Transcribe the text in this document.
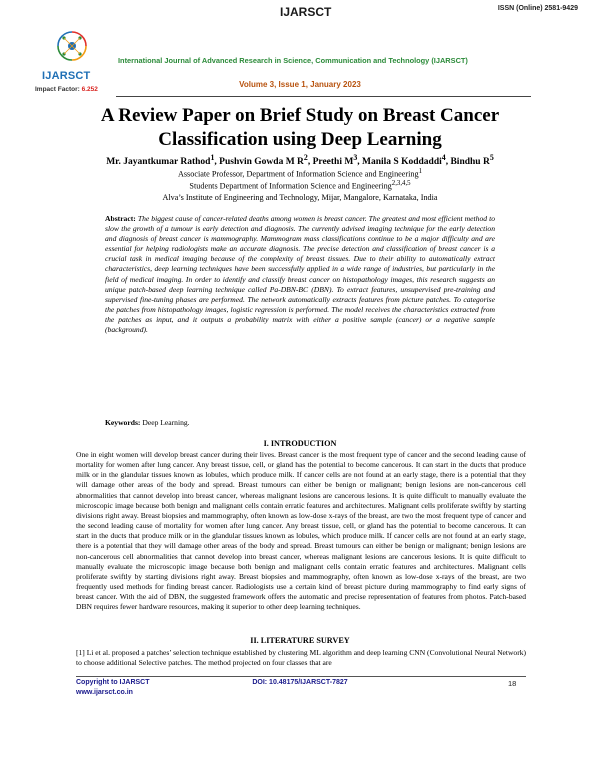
IJARSCT	ISSN (Online) 2581-9429
IJARSCT
Impact Factor: 6.252
International Journal of Advanced Research in Science, Communication and Technology (IJARSCT)
Volume 3, Issue 1, January 2023
A Review Paper on Brief Study on Breast Cancer
Classification using Deep Learning
Mr. Jayantkumar Rathod$^1$, Pushvin Gowda M $R^2$, Preethi $M^3$, Manila S Koddaddi$^4$, Bindhu $R^5$
Associate Professor, Department of Information Science and Engineering$^1$
Students Department of Information Science and Engineering$^{2,3,4,5}$
Alva’s Institute of Engineering and Technology, Mijar, Mangalore, Karnataka, India
Abstract: The biggest cause of cancer-related deaths among women is breast cancer. The greatest and most efficient method to slow the growth of a tumour is early detection and diagnosis. The currently advised imaging technique for the early detection and diagnosis of breast cancer is mammography. Mammogram mass classifications continue to be a major difficulty and are essential for helping radiologists make an accurate diagnosis. The precise detection and classification of breast cancer is a crucial task in medical imaging because of the complexity of breast tissues. Due to their ability to automatically extract characteristics, deep learning techniques have been successfully applied in a wide range of industries, but particularly in the field of medical imaging. In order to identify and classify breast cancer on histopathology images, this research suggests an unique patch-based deep learning technique called Pa-DBN-BC (DBN). To extract features, unsupervised pre-training and supervised fine-tuning phases are performed. The network automatically extracts features from picture patches. To categorise the patches from histopathology images, logistic regression is performed. The model receives the characteristics extracted from the patches as input, and it outputs a probability matrix with either a positive sample (cancer) or a negative sample (background).
Keywords: Deep Learning.
I. INTRODUCTION
One in eight women will develop breast cancer during their lives. Breast cancer is the most frequent type of cancer and the second leading cause of mortality for women after lung cancer. Any breast tissue, cell, or gland has the potential to become cancerous. It can start in the ducts that produce milk or in the glandular tissues known as lobules, which produce milk. If cancer cells are not found at an early stage, there is a potential that they will damage other areas of the body and spread. Breast tumours can either be benign or malignant; benign lesions are non-cancerous cell abnormalities that cannot develop into breast cancer, whereas malignant lesions are cancerous lesions. It is quite difficult to manually evaluate the microscopic image because both benign and malignant cells contain erratic features and architectures. Malignant cells proliferate swiftly by starting divisions right away. Breast biopsies and mammography, often known as low-dose x-rays of the breast, are two the most frequent type of cancer and the second leading cause of mortality for women after lung cancer. Any breast tissue, cell, or gland has the potential to become cancerous. It can start in the ducts that produce milk or in the glandular tissues known as lobules, which produce milk. If cancer cells are not found at an early stage, there is a potential that they will damage other areas of the body and spread. Breast tumours can either be benign or malignant; benign lesions are non-cancerous cell abnormalities that cannot develop into breast cancer, whereas malignant lesions are cancerous lesions. It is quite difficult to manually evaluate the microscopic image because both benign and malignant cells contain erratic features and architectures. Malignant cells proliferate swiftly by starting divisions right away. Breast biopsies and mammography, often known as low-dose x-rays of the breast, are two frequently used methods for finding breast cancer. Radiologists use a certain kind of breast picture during mammography to find early signs of breast cancer. With the aid of DBN, the suggested framework offers the automatic and precise representation of features from photos. Patch-based DBN requires fewer hardware resources, making it superior to other deep learning techniques.
II. LITERATURE SURVEY
[1] Li et al. proposed a patches’ selection technique established by clustering ML algorithm and deep learning CNN (Convolutional Neural Network) to choose additional Selective patches. The method projected on four classes that are
Copyright to IJARSCT
www.ijarsct.co.in
DOI: 10.48175/IJARSCT-7827	18
